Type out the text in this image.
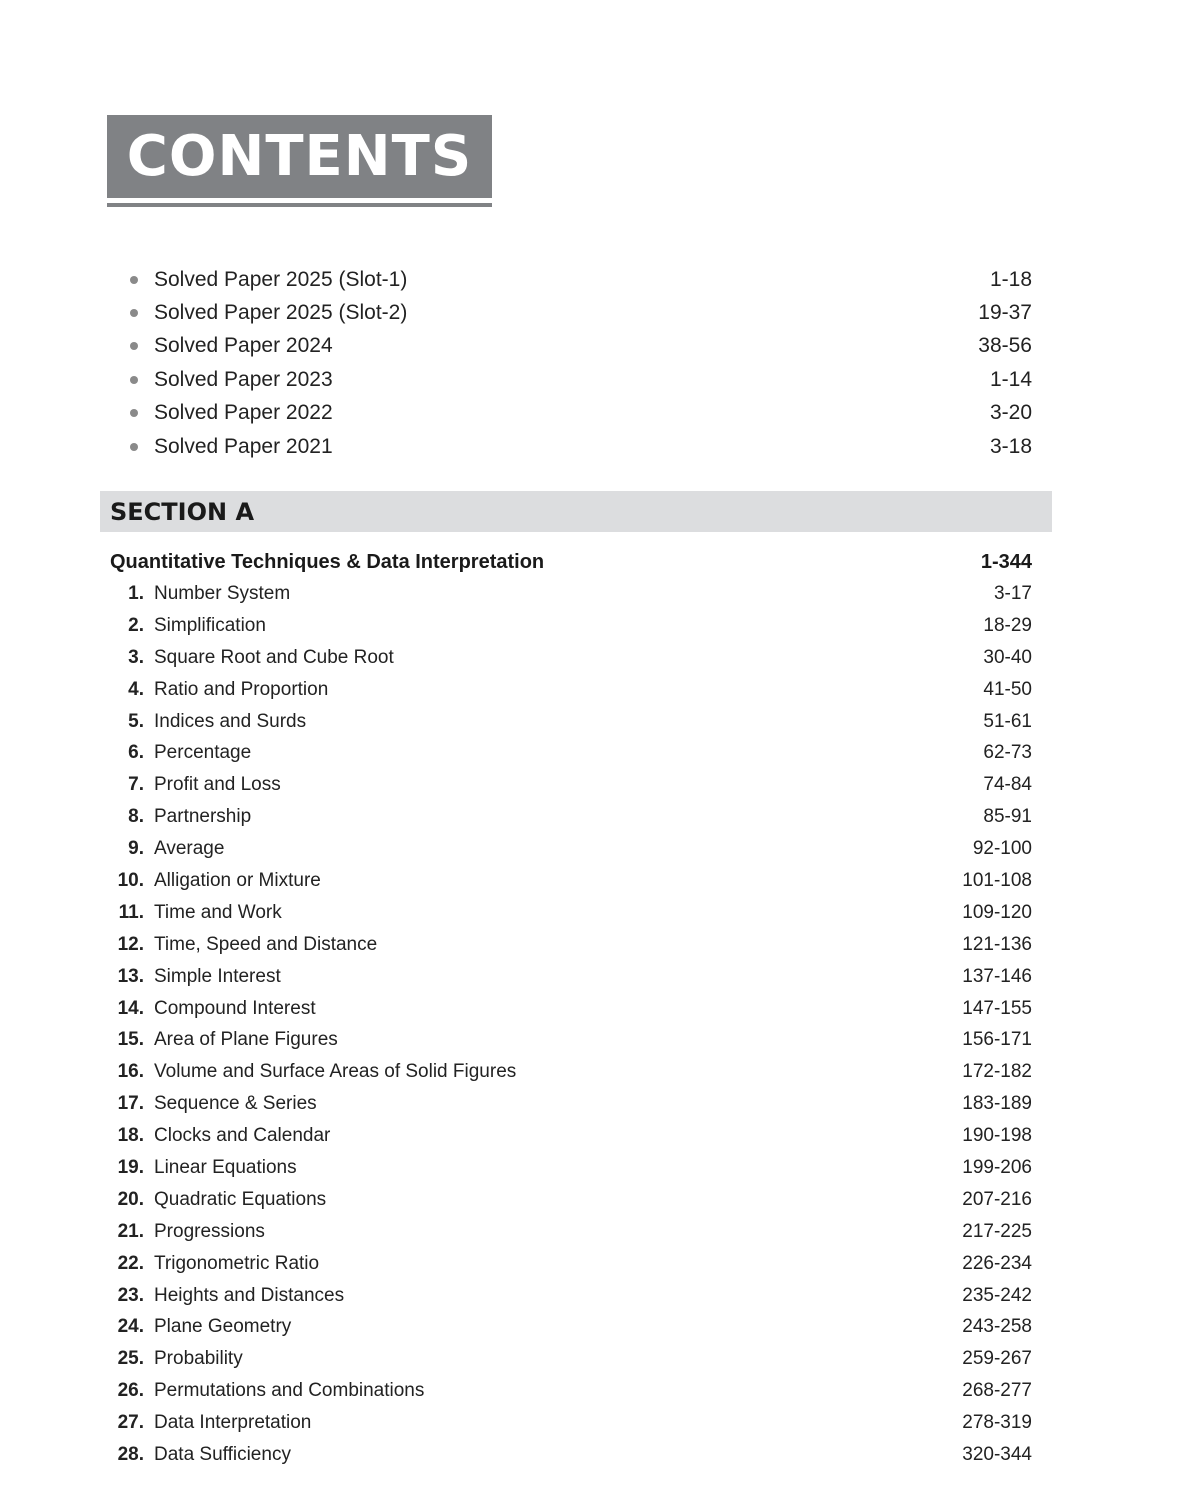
CONTENTS
Solved Paper 2025 (Slot-1)	1-18
Solved Paper 2025 (Slot-2)	19-37
Solved Paper 2024	38-56
Solved Paper 2023	1-14
Solved Paper 2022	3-20
Solved Paper 2021	3-18
SECTION A
Quantitative Techniques & Data Interpretation	1-344
1. Number System	3-17
2. Simplification	18-29
3. Square Root and Cube Root	30-40
4. Ratio and Proportion	41-50
5. Indices and Surds	51-61
6. Percentage	62-73
7. Profit and Loss	74-84
8. Partnership	85-91
9. Average	92-100
10. Alligation or Mixture	101-108
11. Time and Work	109-120
12. Time, Speed and Distance	121-136
13. Simple Interest	137-146
14. Compound Interest	147-155
15. Area of Plane Figures	156-171
16. Volume and Surface Areas of Solid Figures	172-182
17. Sequence & Series	183-189
18. Clocks and Calendar	190-198
19. Linear Equations	199-206
20. Quadratic Equations	207-216
21. Progressions	217-225
22. Trigonometric Ratio	226-234
23. Heights and Distances	235-242
24. Plane Geometry	243-258
25. Probability	259-267
26. Permutations and Combinations	268-277
27. Data Interpretation	278-319
28. Data Sufficiency	320-344
